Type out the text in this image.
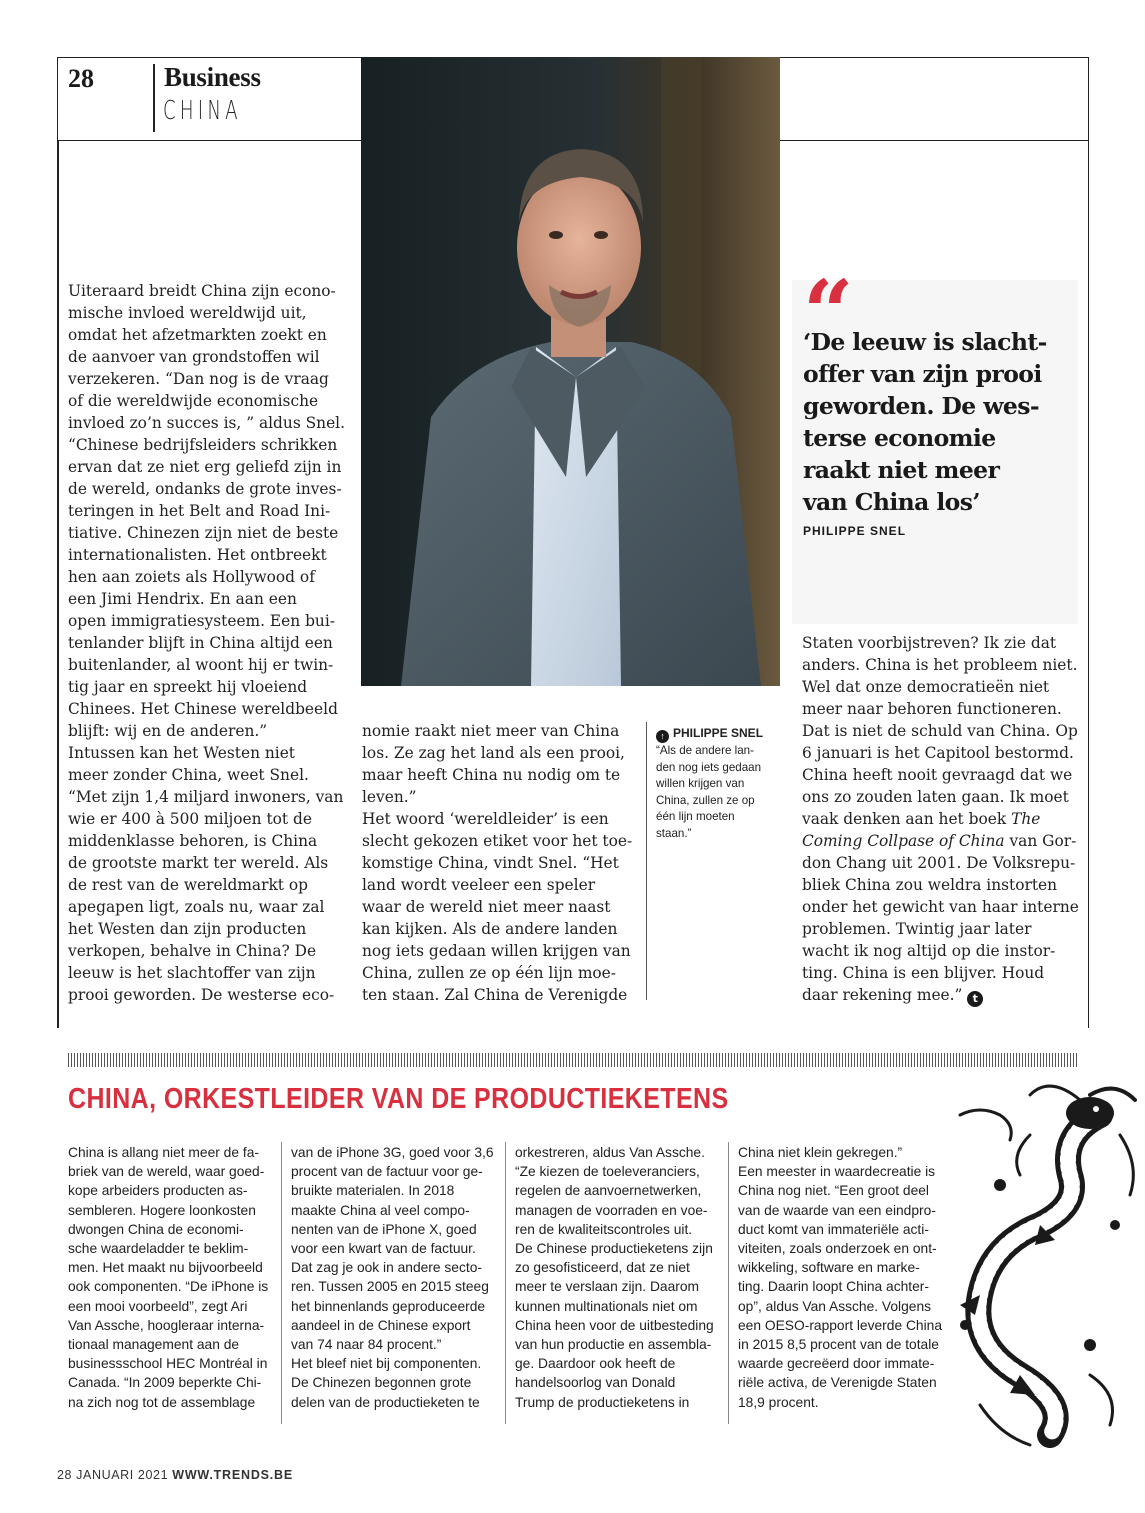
28	Business
CHINA
Uiteraard breidt China zijn econo-
mische invloed wereldwijd uit,
omdat het afzetmarkten zoekt en
de aanvoer van grondstoffen wil
verzekeren. “Dan nog is de vraag
of die wereldwijde economische
invloed zo’n succes is, ” aldus Snel.
“Chinese bedrijfsleiders schrikken
ervan dat ze niet erg geliefd zijn in
de wereld, ondanks de grote inves-
teringen in het Belt and Road Ini-
tiative. Chinezen zijn niet de beste
internationalisten. Het ontbreekt
hen aan zoiets als Hollywood of
een Jimi Hendrix. En aan een
open immigratiesysteem. Een bui-
tenlander blijft in China altijd een
buitenlander, al woont hij er twin-
tig jaar en spreekt hij vloeiend
Chinees. Het Chinese wereldbeeld
blijft: wij en de anderen.”
Intussen kan het Westen niet
meer zonder China, weet Snel.
“Met zijn 1,4 miljard inwoners, van
wie er 400 à 500 miljoen tot de
middenklasse behoren, is China
de grootste markt ter wereld. Als
de rest van de wereldmarkt op
apegapen ligt, zoals nu, waar zal
het Westen dan zijn producten
verkopen, behalve in China? De
leeuw is het slachtoffer van zijn
prooi geworden. De westerse eco-
nomie raakt niet meer van China
los. Ze zag het land als een prooi,
maar heeft China nu nodig om te
leven.”
Het woord ‘wereldleider’ is een
slecht gekozen etiket voor het toe-
komstige China, vindt Snel. “Het
land wordt veeleer een speler
waar de wereld niet meer naast
kan kijken. Als de andere landen
nog iets gedaan willen krijgen van
China, zullen ze op één lijn moe-
ten staan. Zal China de Verenigde
↑ PHILIPPE SNEL
“Als de andere lan-
den nog iets gedaan
willen krijgen van
China, zullen ze op
één lijn moeten
staan.”
“
‘De leeuw is slacht-
offer van zijn prooi
geworden. De wes-
terse economie
raakt niet meer
van China los’
PHILIPPE SNEL
Staten voorbijstreven? Ik zie dat
anders. China is het probleem niet.
Wel dat onze democratieën niet
meer naar behoren functioneren.
Dat is niet de schuld van China. Op
6 januari is het Capitool bestormd.
China heeft nooit gevraagd dat we
ons zo zouden laten gaan. Ik moet
vaak denken aan het boek The
Coming Collpase of China van Gor-
don Chang uit 2001. De Volksrepu-
bliek China zou weldra instorten
onder het gewicht van haar interne
problemen. Twintig jaar later
wacht ik nog altijd op die instor-
ting. China is een blijver. Houd
daar rekening mee.” t
CHINA, ORKESTLEIDER VAN DE PRODUCTIEKETENS
China is allang niet meer de fa-
briek van de wereld, waar goed-
kope arbeiders producten as-
sembleren. Hogere loonkosten
dwongen China de economi-
sche waardeladder te beklim-
men. Het maakt nu bijvoorbeeld
ook componenten. “De iPhone is
een mooi voorbeeld”, zegt Ari
Van Assche, hoogleraar interna-
tionaal management aan de
businessschool HEC Montréal in
Canada. “In 2009 beperkte Chi-
na zich nog tot de assemblage
van de iPhone 3G, goed voor 3,6
procent van de factuur voor ge-
bruikte materialen. In 2018
maakte China al veel compo-
nenten van de iPhone X, goed
voor een kwart van de factuur.
Dat zag je ook in andere secto-
ren. Tussen 2005 en 2015 steeg
het binnenlands geproduceerde
aandeel in de Chinese export
van 74 naar 84 procent.”
Het bleef niet bij componenten.
De Chinezen begonnen grote
delen van de productieketen te
orkestreren, aldus Van Assche.
“Ze kiezen de toeleveranciers,
regelen de aanvoernetwerken,
managen de voorraden en voe-
ren de kwaliteitscontroles uit.
De Chinese productieketens zijn
zo gesofisticeerd, dat ze niet
meer te verslaan zijn. Daarom
kunnen multinationals niet om
China heen voor de uitbesteding
van hun productie en assembla-
ge. Daardoor ook heeft de
handelsoorlog van Donald
Trump de productieketens in
China niet klein gekregen.”
Een meester in waardecreatie is
China nog niet. “Een groot deel
van de waarde van een eindpro-
duct komt van immateriële acti-
viteiten, zoals onderzoek en ont-
wikkeling, software en marke-
ting. Daarin loopt China achter-
op”, aldus Van Assche. Volgens
een OESO-rapport leverde China
in 2015 8,5 procent van de totale
waarde gecreëerd door immate-
riële activa, de Verenigde Staten
18,9 procent.
28 JANUARI 2021 WWW.TRENDS.BE
